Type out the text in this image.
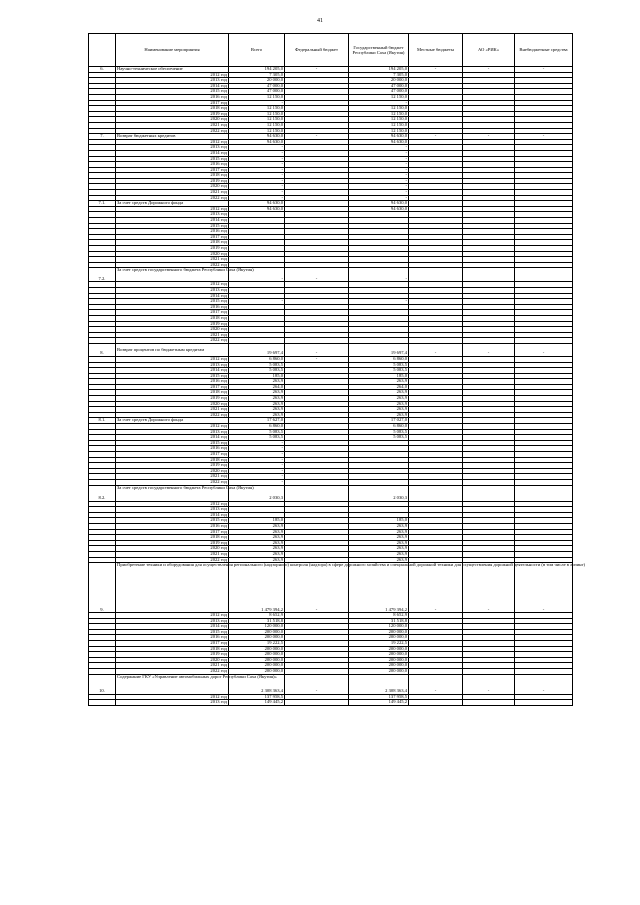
41
	Наименование мероприятия	Всего	Федеральный бюджет	Государственный бюджет Республики Саха (Якутия)	Местные бюджеты	АО «РИК»	Внебюджетные средства
6.	Научно-техническое обеспечение	194 205,0	-	194 205,0	-	-	-
	2012 год	7 305,0		7 305,0			
	2013 год	20 000,0		20 000,0			
	2014 год	47 000,0		47 000,0			
	2015 год	47 000,0		47 000,0			
	2016 год	12 150,0		12 150,0			
	2017 год	-		-			
	2018 год	12 150,0		12 150,0			
	2019 год	12 150,0		12 150,0			
	2020 год	12 150,0		12 150,0			
	2021 год	12 150,0		12 150,0			
	2022 год	12 150,0		12 150,0			
7.	Возврат бюджетных кредитов	94 630,0	-	94 630,0	-	-	-
	2012 год	94 630,0		94 630,0			
	2013 год	-		-			
	2014 год	-		-			
	2015 год	-		-			
	2016 год	-		-			
	2017 год	-		-			
	2018 год	-		-			
	2019 год	-		-			
	2020 год	-		-			
	2021 год	-		-			
	2022 год	-		-			
7.1.	За счет средств Дорожного фонда	94 630,0		94 630,0			
	2012 год	94 630,0		94 630,0			
	2013 год						
	2014 год						
	2015 год						
	2016 год						
	2017 год						
	2018 год						
	2019 год						
	2020 год						
	2021 год						
	2022 год						
7.2.	За счет средств государственного бюджета Республики Саха (Якутия)	-	-	-			
	2012 год						
	2013 год						
	2014 год						
	2015 год	-		-			
	2016 год						
	2017 год						
	2018 год						
	2019 год						
	2020 год						
	2021 год						
	2022 год						
8.	Возврат процентов по бюджетным кредитам	19 697,4	-	19 697,4	-	-	-
	2012 год	6 860,0	-	6 860,0			
	2013 год	5 083,5		5 083,5			
	2014 год	5 083,5		5 083,5			
	2015 год	185,0		185,0			
	2016 год	263,9		263,9			
	2017 год	264,0		264,0			
	2018 год	263,9		263,9			
	2019 год	263,9		263,9			
	2020 год	263,9		263,9			
	2021 год	263,9		263,9			
	2022 год	263,9		263,9			
8.1.	За счет средств Дорожного фонда	17 627,0		17 027,0			
	2012 год	6 860,0		6 860,0			
	2013 год	5 083,5		5 083,5			
	2014 год	5 083,5		5 083,5			
	2015 год	-					
	2016 год	-					
	2017 год	-					
	2018 год	-					
	2019 год	-					
	2020 год	-					
	2021 год	-					
	2022 год	-					
8.2.	За счет средств государственного бюджета Республики Саха (Якутия)	2 030,3		2 030,3			
	2012 год						
	2013 год						
	2014 год						
	2015 год	185,0		185,0			
	2016 год	263,9		263,9			
	2017 год	263,9		263,9			
	2018 год	263,9		263,9			
	2019 год	263,9		263,9			
	2020 год	263,9		263,9			
	2021 год	263,9		263,9			
	2022 год	263,9		263,9			
9.	Приобретение техники и оборудования для осуществления регионального (надзорного) контроля (надзора) в сфере дорожного хозяйства и специальной дорожной техники для осуществления дорожной деятельности (в том числе в лизинг)	1 479 394,2	-	1 479 394,2	-	-	-
	2012 год	8 652,9		8 652,9			
	2013 год	31 518,8		31 518,8			
	2014 год	120 000,0		120 000,0			
	2015 год	200 000,0		200 000,0			
	2016 год	200 000,0		200 000,0			
	2017 год	19 222,5		19 222,5			
	2018 год	200 000,0		200 000,0			
	2019 год	200 000,0		200 000,0			
	2020 год	200 000,0		200 000,0			
	2021 год	200 000,0		200 000,0			
	2022 год	200 000,0		200 000,0			
10.	Содержание ГКУ «Управление автомобильных дорог Республики Саха (Якутия)»	2 308 363,4	-	2 308 363,4	-	-	-
	2012 год	137 958,5		137 958,5			
	2013 год	149 445,2		149 445,2			
